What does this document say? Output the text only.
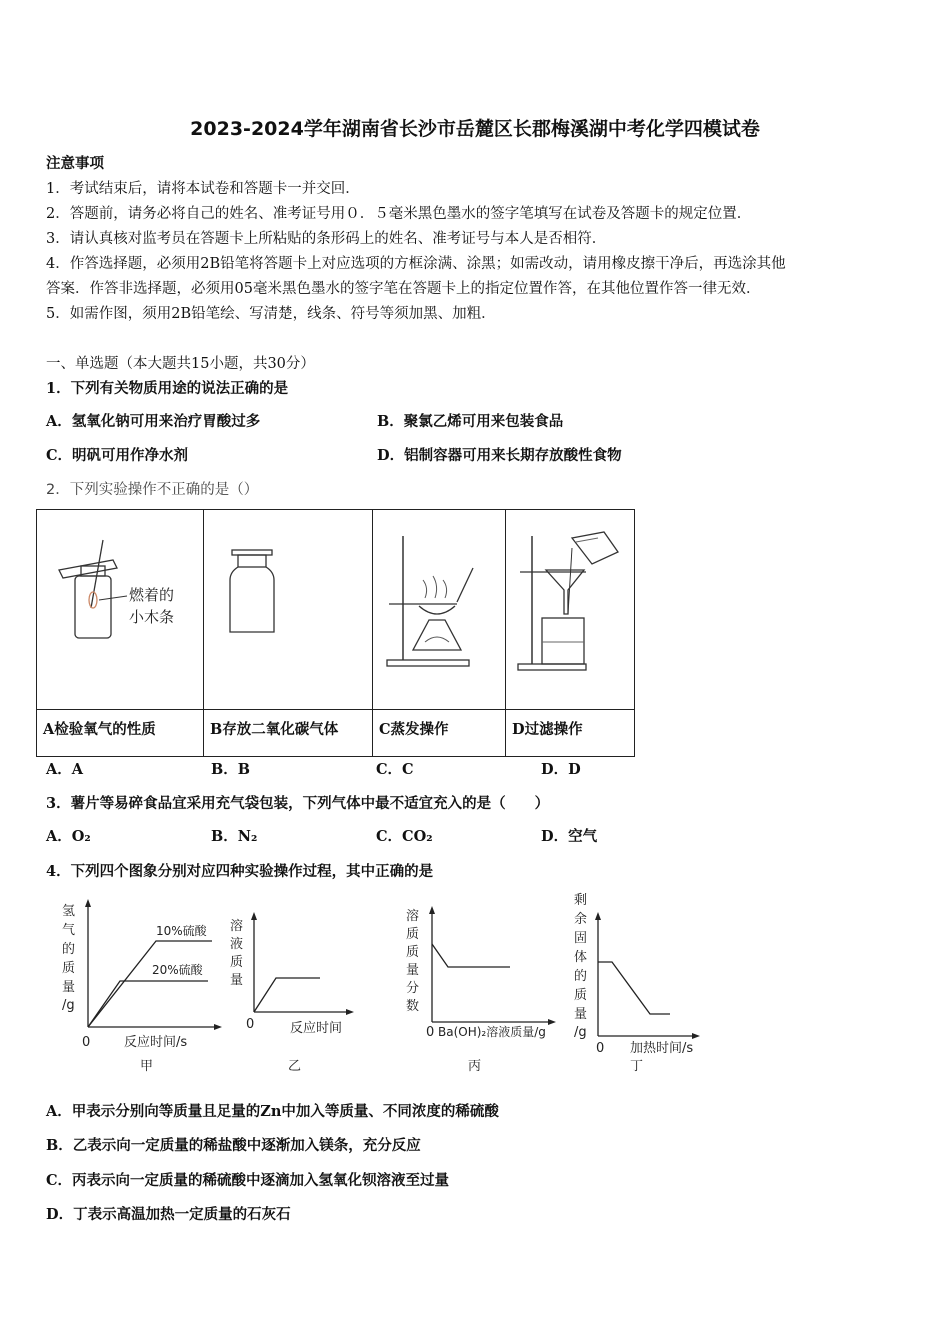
2023-2024学年湖南省长沙市岳麓区长郡梅溪湖中考化学四模试卷
注意事项
1．考试结束后，请将本试卷和答题卡一并交回．
2．答题前，请务必将自己的姓名、准考证号用０．５毫米黑色墨水的签字笔填写在试卷及答题卡的规定位置．
3．请认真核对监考员在答题卡上所粘贴的条形码上的姓名、准考证号与本人是否相符．
4．作答选择题，必须用2B铅笔将答题卡上对应选项的方框涂满、涂黑；如需改动，请用橡皮擦干净后，再选涂其他
答案．作答非选择题，必须用05毫米黑色墨水的签字笔在答题卡上的指定位置作答，在其他位置作答一律无效．
5．如需作图，须用2B铅笔绘、写清楚，线条、符号等须加黑、加粗．
一、单选题（本大题共15小题，共30分）
1．下列有关物质用途的说法正确的是
A．氢氧化钠可用来治疗胃酸过多	B．聚氯乙烯可用来包装食品
C．明矾可用作净水剂	D．铝制容器可用来长期存放酸性食物
2．下列实验操作不正确的是（）
燃着的
小木条

A检验氧气的性质	B存放二氧化碳气体	C蒸发操作	D过滤操作
A．A	B．B	C．C	D．D
3．薯片等易碎食品宜采用充气袋包装，下列气体中最不适宜充入的是（　　）
A．O₂	B．N₂	C．CO₂	D．空气
4．下列四个图象分别对应四种实验操作过程，其中正确的是
氢
气
的
质
量
/g
0	反应时间/s
甲
10%硫酸
20%硫酸
溶
液
质
量
0	反应时间
乙
溶
质
质
量
分
数
0 Ba(OH)₂溶液质量/g
丙
剩
余
固
体
的
质
量
/g
0 加热时间/s
丁
A．甲表示分别向等质量且足量的Zn中加入等质量、不同浓度的稀硫酸
B．乙表示向一定质量的稀盐酸中逐渐加入镁条，充分反应
C．丙表示向一定质量的稀硫酸中逐滴加入氢氧化钡溶液至过量
D．丁表示高温加热一定质量的石灰石
